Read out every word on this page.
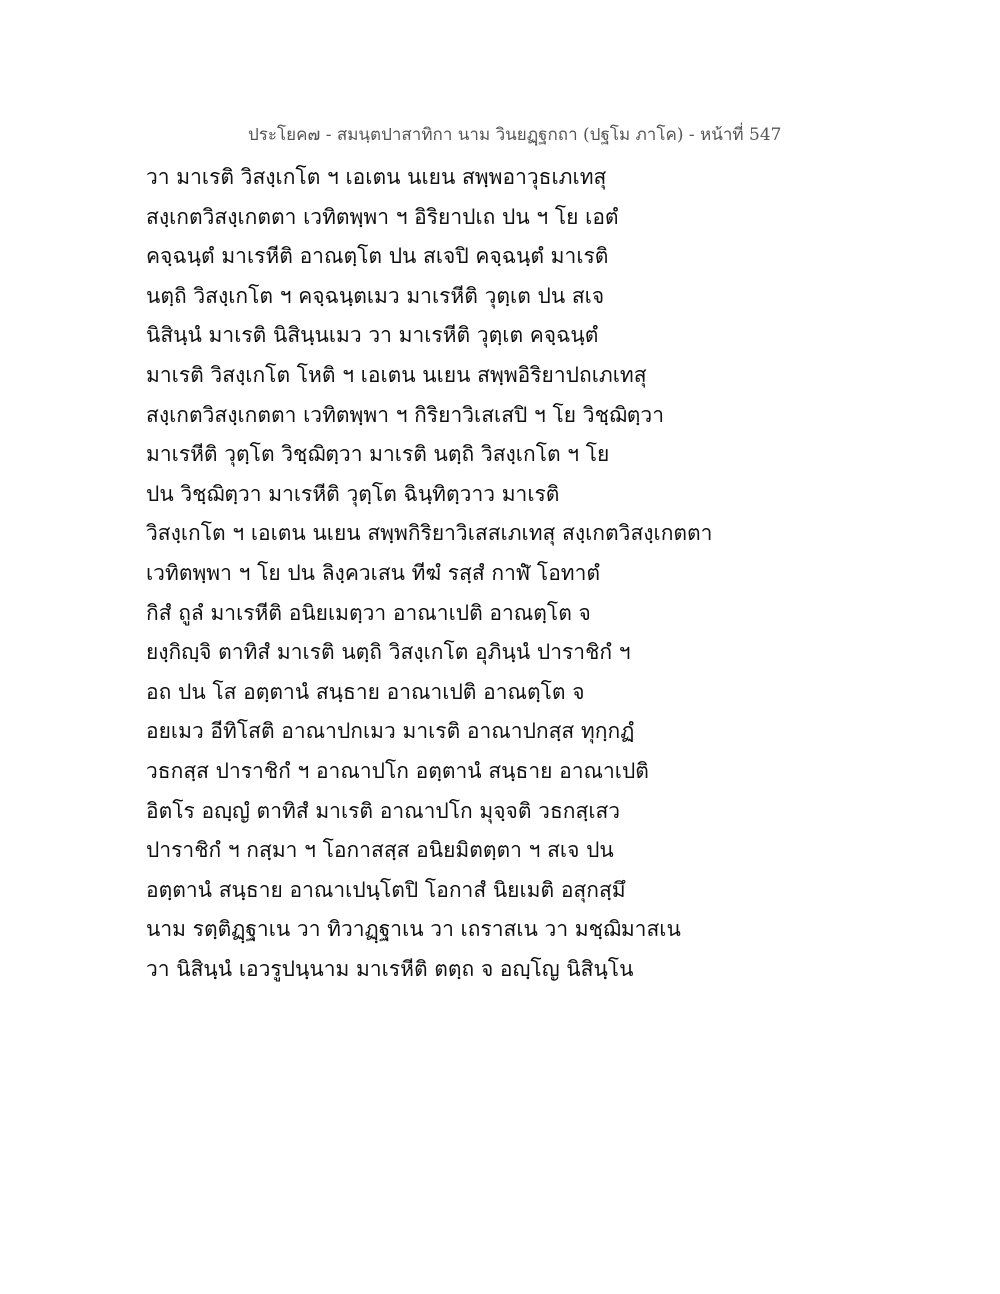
ประโยค๗ - สมนฺตปาสาทิกา นาม วินยฏฺฐกถา (ปฐโม ภาโค) - หน้าที่ 547
วา มาเรติ วิสงฺเกโต ฯ เอเตน นเยน สพฺพอาวุธเภเทสุ
สงฺเกตวิสงฺเกตตา เวทิตพฺพา ฯ อิริยาปเถ ปน ฯ โย เอตํ
คจฺฉนฺตํ มาเรหีติ อาณตฺโต ปน สเจปิ คจฺฉนฺตํ มาเรติ
นตฺถิ วิสงฺเกโต ฯ คจฺฉนฺตเมว มาเรหีติ วุตฺเต ปน สเจ
นิสินฺนํ มาเรติ นิสินฺนเมว วา มาเรหีติ วุตฺเต คจฺฉนฺตํ
มาเรติ วิสงฺเกโต โหติ ฯ เอเตน นเยน สพฺพอิริยาปถเภเทสุ
สงฺเกตวิสงฺเกตตา เวทิตพฺพา ฯ กิริยาวิเสเสปิ ฯ โย วิชฺฌิตฺวา
มาเรหีติ วุตฺโต วิชฺฌิตฺวา มาเรติ นตฺถิ วิสงฺเกโต ฯ โย
ปน วิชฺฌิตฺวา มาเรหีติ วุตฺโต ฉินฺทิตฺวาว มาเรติ
วิสงฺเกโต ฯ เอเตน นเยน สพฺพกิริยาวิเสสเภเทสุ สงฺเกตวิสงฺเกตตา
เวทิตพฺพา ฯ โย ปน ลิงฺควเสน ทีฆํ รสฺสํ กาฬํ โอทาตํ
กิสํ ถูลํ มาเรหีติ อนิยเมตฺวา อาณาเปติ อาณตฺโต จ
ยงฺกิญฺจิ ตาทิสํ มาเรติ นตฺถิ วิสงฺเกโต อุภินฺนํ ปาราชิกํ ฯ
อถ ปน โส อตฺตานํ สนฺธาย อาณาเปติ อาณตฺโต จ
อยเมว อีทิโสติ อาณาปกเมว มาเรติ อาณาปกสฺส ทุกฺกฏํ
วธกสฺส ปาราชิกํ ฯ อาณาปโก อตฺตานํ สนฺธาย อาณาเปติ
อิตโร อญฺญํ ตาทิสํ มาเรติ อาณาปโก มุจฺจติ วธกสฺเสว
ปาราชิกํ ฯ กสฺมา ฯ โอกาสสฺส อนิยมิตตฺตา ฯ สเจ ปน
อตฺตานํ สนฺธาย อาณาเปนฺโตปิ โอกาสํ นิยเมติ อสุกสฺมึ
นาม รตฺติฏฺฐาเน วา ทิวาฏฺฐาเน วา เถราสเน วา มชฺฌิมาสเน
วา นิสินฺนํ เอวรูปนฺนาม มาเรหีติ ตตฺถ จ อญฺโญ นิสินฺโน
